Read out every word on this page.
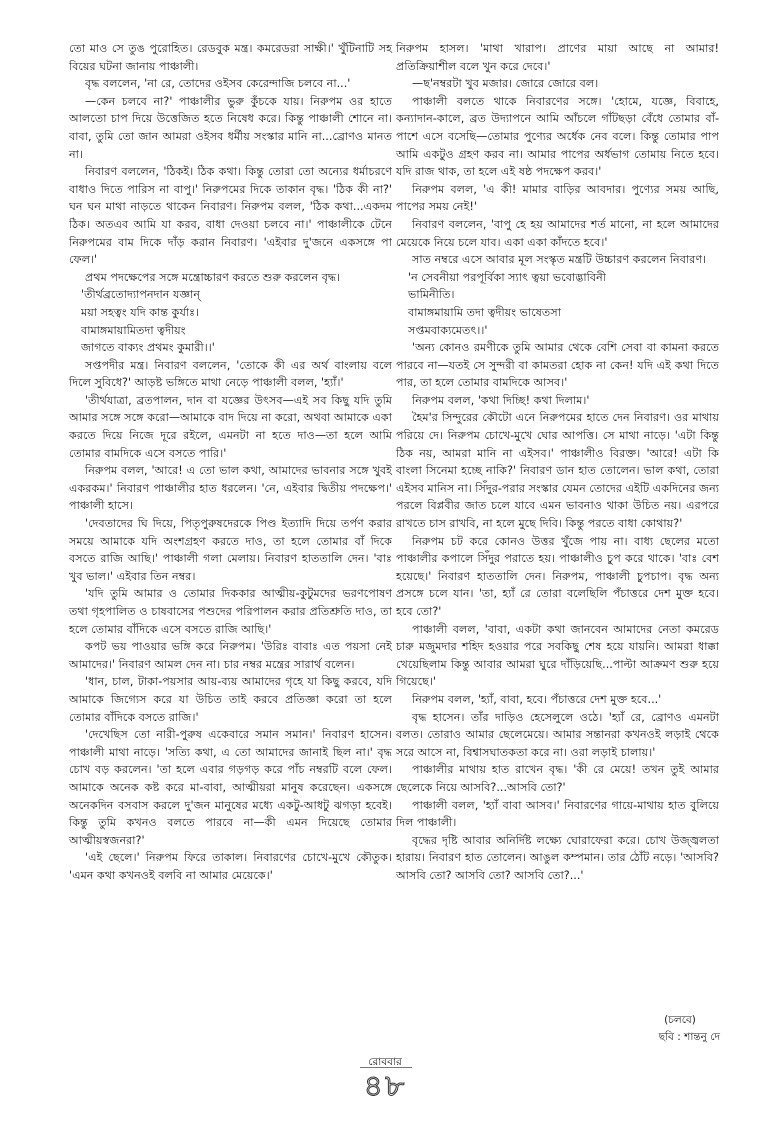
তো মাও সে তুঙ পুরোহিত। রেডবুক মন্ত্র। কমরেডরা সাক্ষী।' খুঁটিনাটি সহ বিয়ের ঘটনা জানায় পাঞ্চালী।

বৃদ্ধ বললেন, 'না রে, তোদের ওইসব কেরেন্দাজি চলবে না...'

—কেন চলবে না?' পাঞ্চালীর ভুরু কুঁচকে যায়। নিরুপম ওর হাতে আলতো চাপ দিয়ে উত্তেজিত হতে নিষেধ করে। কিন্তু পাঞ্চালী শোনে না। বাবা, তুমি তো জান আমরা ওইসব ধর্মীয় সংস্কার মানি না...ব্রোণও মানত না।

নিবারণ বললেন, 'ঠিকই। ঠিক কথা। কিন্তু তোরা তো অন্যের ধর্মাচরণে বাধাও দিতে পারিস না বাপু।' নিরুপমের দিকে তাকান বৃদ্ধ। 'ঠিক কী না?' ঘন ঘন মাথা নাড়তে থাকেন নিবারণ। নিরুপম বলল, 'ঠিক কথা...একদম ঠিক। অতএব আমি যা করব, বাধা দেওয়া চলবে না।' পাঞ্চালীকে টেনে নিরুপমের বাম দিকে দাঁড় করান নিবারণ। 'এইবার দু'জনে একসঙ্গে পা ফেল।'

প্রথম পদক্ষেপের সঙ্গে মন্ত্রোচ্চারণ করতে শুরু করলেন বৃদ্ধ।

'তীর্থব্রতোদ্যাপনদান যজ্ঞান্

ময়া সহত্বং যদি কান্ত কুর্যাঃ।

বামাঙ্গমায়ামিতদা ত্বদীয়ং

জাগতে বাক্যং প্রথমং কুমারী।।'

সপ্তপদীর মন্ত্র। নিবারণ বললেন, 'তোকে কী এর অর্থ বাংলায় বলে দিলে সুবিধে?' আড়ষ্ট ভঙ্গিতে মাথা নেড়ে পাঞ্চালী বলল, 'হ্যাঁ।'

'তীর্থযাত্রা, ব্রতপালন, দান বা যজ্ঞের উৎসব—এই সব কিছু যদি তুমি আমার সঙ্গে সঙ্গে করো—আমাকে বাদ দিয়ে না করো, অথবা আমাকে একা করতে দিয়ে নিজে দূরে রইলে, এমনটা না হতে দাও—তা হলে আমি তোমার বামদিকে এসে বসতে পারি।'

নিরুপম বলল, 'আরে! এ তো ভাল কথা, আমাদের ভাবনার সঙ্গে খুবই একরকম।' নিবারণ পাঞ্চালীর হাত ধরলেন। 'নে, এইবার দ্বিতীয় পদক্ষেপ।' পাঞ্চালী হাসে।

'দেবতাদের ঘি দিয়ে, পিতৃপুরুষদেরকে পিণ্ড ইত্যাদি দিয়ে তর্পণ করার সময়ে আমাকে যদি অংশগ্রহণ করতে দাও, তা হলে তোমার বাঁ দিকে বসতে রাজি আছি।' পাঞ্চালী গলা মেলায়। নিবারণ হাততালি দেন। 'বাঃ খুব ভাল।' এইবার তিন নম্বর।

'যদি তুমি আমার ও তোমার দিককার আত্মীয়-কুটুমদের ভরণপোষণ তথা গৃহপালিত ও চাষবাসের পশুদের পরিপালন করার প্রতিশ্রুতি দাও, তা হলে তোমার বাঁদিকে এসে বসতে রাজি আছি।'

কপট ভয় পাওয়ার ভঙ্গি করে নিরুপম। 'উরিঃ বাবাঃ এত পয়সা নেই আমাদের।' নিবারণ আমল দেন না। চার নম্বর মন্ত্রের সারার্থ বলেন।

'ধান, চাল, টাকা-পয়সার আয়-ব্যয় আমাদের গৃহে যা কিছু করবে, যদি আমাকে জিগ্যেস করে যা উচিত তাই করবে প্রতিজ্ঞা করো তা হলে তোমার বাঁদিকে বসতে রাজি।'

'দেখেছিস তো নারী-পুরুষ একেবারে সমান সমান।' নিবারণ হাসেন। পাঞ্চালী মাথা নাড়ে। 'সত্যি কথা, এ তো আমাদের জানাই ছিল না।' বৃদ্ধ চোখ বড় করলেন। 'তা হলে এবার গড়গড় করে পাঁচ নম্বরটি বলে ফেল। আমাকে অনেক কষ্ট করে মা-বাবা, আত্মীয়রা মানুষ করেছেন। একসঙ্গে অনেকদিন বসবাস করলে দু'জন মানুষের মধ্যে একটু-আধটু ঝগড়া হবেই। কিন্তু তুমি কখনও বলতে পারবে না—কী এমন দিয়েছে তোমার আত্মীয়স্বজনরা?'

'এই ছেলে।' নিরুপম ফিরে তাকাল। নিবারণের চোখে-মুখে কৌতুক। 'এমন কথা কখনওই বলবি না আমার মেয়েকে।'

নিরুপম হাসল। 'মাথা খারাপ। প্রাণের মায়া আছে না আমার! প্রতিক্রিয়াশীল বলে খুন করে দেবে।'

—ছ'নম্বরটা খুব মজার। জোরে জোরে বল।

পাঞ্চালী বলতে থাকে নিবারণের সঙ্গে। 'হোমে, যজ্ঞে, বিবাহে, কন্যাদান-কালে, ব্রত উদ্যাপনে আমি আঁচলে গাঁটছড়া বেঁধে তোমার বাঁ-পাশে এসে বসেছি—তোমার পুণ্যের অর্ধেক নেব বলে। কিন্তু তোমার পাপ আমি একটুও গ্রহণ করব না। আমার পাপের অর্ধভাগ তোমায় নিতে হবে। যদি রাজ থাক, তা হলে এই ষষ্ঠ পদক্ষেপ করব।'

নিরুপম বলল, 'এ কী! মামার বাড়ির আবদার। পুণ্যের সময় আছি, পাপের সময় নেই!'

নিবারণ বললেন, 'বাপু হে হয় আমাদের শর্ত মানো, না হলে আমাদের মেয়েকে নিয়ে চলে যাব। একা একা কাঁদতে হবে।'

সাত নম্বরে এসে আবার মূল সংস্কৃত মন্ত্রটি উচ্চারণ করলেন নিবারণ।

'ন সেবনীয়া পরপূর্বিকা স্যাৎ ত্বয়া ভবোদ্ভাবিনী

ভামিনীতি।

বামাঙ্গমায়ামি তদা ত্বদীয়ং ভাষেতসা

সপ্তমবাক্যমেতৎ।।'

'অন্য কোনও রমণীকে তুমি আমার থেকে বেশি সেবা বা কামনা করতে পারবে না—যতই সে সুন্দরী বা কামতরা হোক না কেন! যদি এই কথা দিতে পার, তা হলে তোমার বামদিকে আসব।'

নিরুপম বলল, 'কথা দিচ্ছি! কথা দিলাম।'

হৈম'র সিন্দুরের কৌটো এনে নিরুপমের হাতে দেন নিবারণ। ওর মাথায় পরিয়ে দে। নিরুপম চোখে-মুখে ঘোর আপত্তি। সে মাথা নাড়ে। 'এটা কিন্তু ঠিক নয়, আমরা মানি না এইসব।' পাঞ্চালীও বিরক্ত। 'আরে! এটা কি বাংলা সিনেমা হচ্ছে নাকি?' নিবারণ ডান হাত তোলেন। ভাল কথা, তোরা এইসব মানিস না। সিঁদুর-পরার সংস্কার যেমন তোদের এইটি একদিনের জন্য পরলে বিপ্লবীর জাত চলে যাবে এমন ভাবনাও থাকা উচিত নয়। এরপরে রাখতে চাস রাখবি, না হলে মুছে দিবি। কিন্তু পরতে বাধা কোথায়?'

নিরুপম চট করে কোনও উত্তর খুঁজে পায় না। বাধ্য ছেলের মতো পাঞ্চালীর কপালে সিঁদুর পরাতে হয়। পাঞ্চালীও চুপ করে থাকে। 'বাঃ বেশ হয়েছে।' নিবারণ হাততালি দেন। নিরুপম, পাঞ্চালী চুপচাপ। বৃদ্ধ অন্য প্রসঙ্গে চলে যান। 'তা, হ্যাঁ রে তোরা বলেছিলি পঁচাত্তরে দেশ মুক্ত হবে। হবে তো?'

পাঞ্চালী বলল, 'বাবা, একটা কথা জানবেন আমাদের নেতা কমরেড চারু মজুমদার শহিদ হওয়ার পরে সবকিছু শেষ হয়ে যায়নি। আমরা ধাক্কা খেয়েছিলাম কিন্তু আবার আমরা ঘুরে দাঁড়িয়েছি...পাল্টা আক্রমণ শুরু হয়ে গিয়েছে।'

নিরুপম বলল, 'হ্যাঁ, বাবা, হবে। পঁচাত্তরে দেশ মুক্ত হবে...'

বৃদ্ধ হাসেন। তাঁর দাড়িও হেসেলুলে ওঠে। 'হ্যাঁ রে, ব্রোণও এমনটা বলত। তোরাও আমার ছেলেমেয়ে। আমার সন্তানরা কখনওই লড়াই থেকে সরে আসে না, বিশ্বাসঘাতকতা করে না। ওরা লড়াই চালায়।'

পাঞ্চালীর মাথায় হাত রাখেন বৃদ্ধ। 'কী রে মেয়ে! তখন তুই আমার ছেলেকে নিয়ে আসবি?...আসবি তো?'

পাঞ্চালী বলল, 'হ্যাঁ বাবা আসব।' নিবারণের গায়ে-মাথায় হাত বুলিয়ে দিল পাঞ্চালী।

বৃদ্ধের দৃষ্টি আবার অনির্দিষ্ট লক্ষ্যে ঘোরাফেরা করে। চোখ উজ্জ্বলতা হারায়। নিবারণ হাত তোলেন। আঙুল কম্পমান। তার ঠোঁট নড়ে। 'আসবি? আসবি তো? আসবি তো? আসবি তো?...'

(চলবে)
ছবি : শান্তনু দে
রোববার
৪৮
